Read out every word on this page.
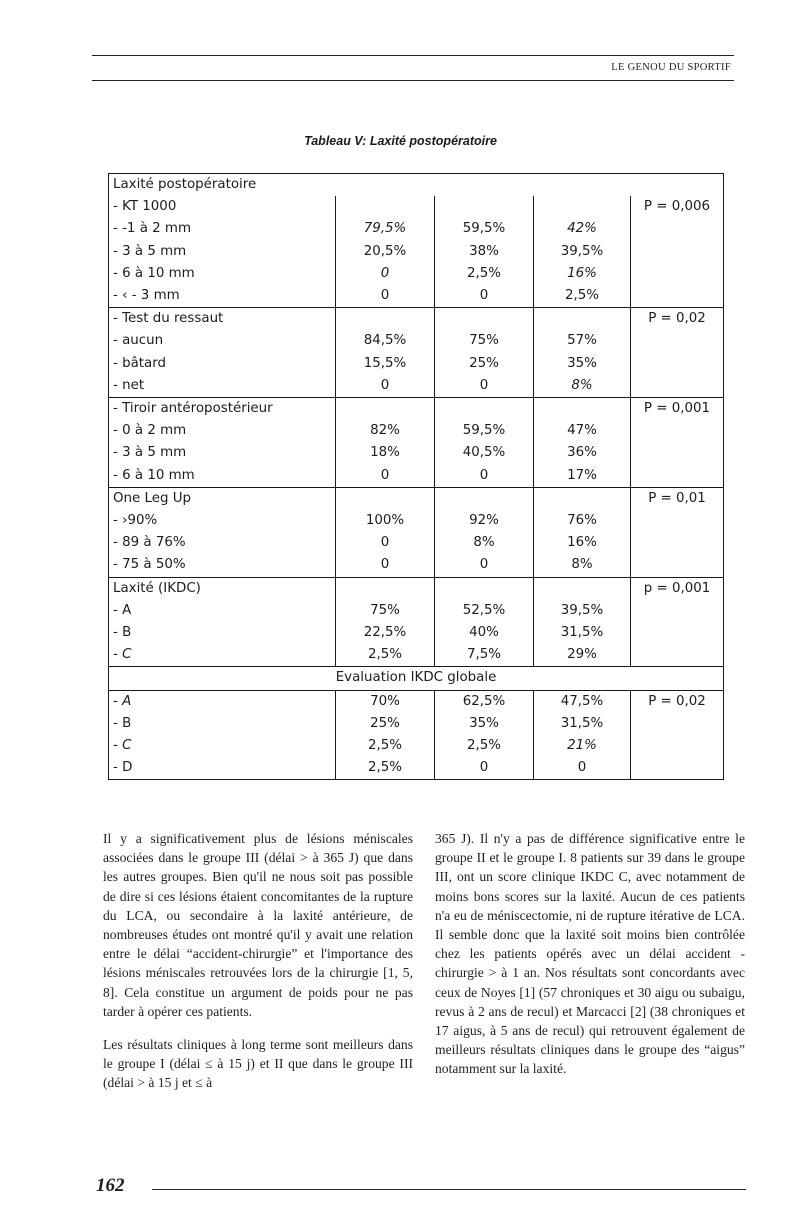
LE GENOU DU SPORTIF
Tableau V: Laxité postopératoire
Laxité postopératoire				
- KT 1000				P = 0,006
- -1 à 2 mm	79,5%	59,5%	42%	
- 3 à 5 mm	20,5%	38%	39,5%	
- 6 à 10 mm	0	2,5%	16%	
- ‹ - 3 mm	0	0	2,5%	
- Test du ressaut				P = 0,02
- aucun	84,5%	75%	57%	
- bâtard	15,5%	25%	35%	
- net	0	0	8%	
- Tiroir antéropostérieur				P = 0,001
- 0 à 2 mm	82%	59,5%	47%	
- 3 à 5 mm	18%	40,5%	36%	
- 6 à 10 mm	0	0	17%	
One Leg Up				P = 0,01
- ›90%	100%	92%	76%	
- 89 à 76%	0	8%	16%	
- 75 à 50%	0	0	8%	
Laxité (IKDC)				p = 0,001
- A	75%	52,5%	39,5%	
- B	22,5%	40%	31,5%	
- C	2,5%	7,5%	29%	
Evaluation IKDC globale				
- A	70%	62,5%	47,5%	P = 0,02
- B	25%	35%	31,5%	
- C	2,5%	2,5%	21%	
- D	2,5%	0	0	

Il y a significativement plus de lésions méniscales associées dans le groupe III (délai > à 365 J) que dans les autres groupes. Bien qu'il ne nous soit pas possible de dire si ces lésions étaient concomitantes de la rupture du LCA, ou secondaire à la laxité antérieure, de nombreuses études ont montré qu'il y avait une relation entre le délai “accident-chirurgie” et l'importance des lésions méniscales retrouvées lors de la chirurgie [1, 5, 8]. Cela constitue un argument de poids pour ne pas tarder à opérer ces patients.

Les résultats cliniques à long terme sont meilleurs dans le groupe I (délai ≤ à 15 j) et II que dans le groupe III (délai > à 15 j et ≤ à

365 J). Il n'y a pas de différence significative entre le groupe II et le groupe I. 8 patients sur 39 dans le groupe III, ont un score clinique IKDC C, avec notamment de moins bons scores sur la laxité. Aucun de ces patients n'a eu de méniscectomie, ni de rupture itérative de LCA. Il semble donc que la laxité soit moins bien contrôlée chez les patients opérés avec un délai accident - chirurgie > à 1 an. Nos résultats sont concordants avec ceux de Noyes [1] (57 chroniques et 30 aigu ou subaigu, revus à 2 ans de recul) et Marcacci [2] (38 chroniques et 17 aigus, à 5 ans de recul) qui retrouvent également de meilleurs résultats cliniques dans le groupe des “aigus” notamment sur la laxité.

162
